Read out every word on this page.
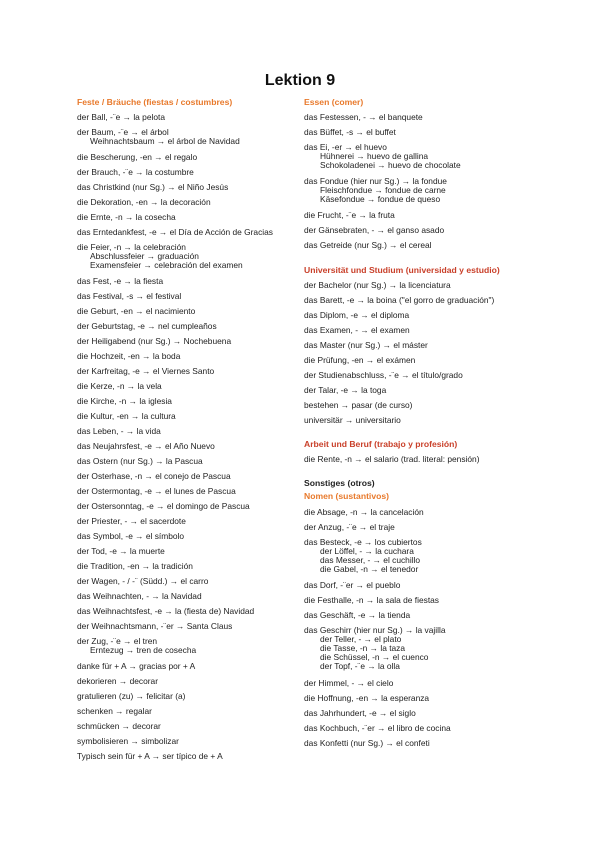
Lektion 9
Feste / Bräuche (fiestas / costumbres)
der Ball, -¨e → la pelota
der Baum, -¨e → el árbol
Weihnachtsbaum → el árbol de Navidad
die Bescherung, -en → el regalo
der Brauch, -¨e → la costumbre
das Christkind (nur Sg.) → el Niño Jesús
die Dekoration, -en → la decoración
die Ernte, -n → la cosecha
das Erntedankfest, -e → el Día de Acción de Gracias
die Feier, -n → la celebración
Abschlussfeier → graduación
Examensfeier → celebración del examen
das Fest, -e → la fiesta
das Festival, -s → el festival
die Geburt, -en → el nacimiento
der Geburtstag, -e → nel cumpleaños
der Heiligabend (nur Sg.) → Nochebuena
die Hochzeit, -en → la boda
der Karfreitag, -e → el Viernes Santo
die Kerze, -n → la vela
die Kirche, -n → la iglesia
die Kultur, -en → la cultura
das Leben, - → la vida
das Neujahrsfest, -e → el Año Nuevo
das Ostern (nur Sg.) → la Pascua
der Osterhase, -n → el conejo de Pascua
der Ostermontag, -e → el lunes de Pascua
der Ostersonntag, -e → el domingo de Pascua
der Priester, - → el sacerdote
das Symbol, -e → el símbolo
der Tod, -e → la muerte
die Tradition, -en → la tradición
der Wagen, - / -¨ (Südd.) → el carro
das Weihnachten, - → la Navidad
das Weihnachtsfest, -e → la (fiesta de) Navidad
der Weihnachtsmann, -¨er → Santa Claus
der Zug, -¨e → el tren
Erntezug → tren de cosecha
danke für + A → gracias por + A
dekorieren → decorar
gratulieren (zu) → felicitar (a)
schenken → regalar
schmücken → decorar
symbolisieren → simbolizar
Typisch sein für + A → ser típico de + A
Essen (comer)
das Festessen, - → el banquete
das Büffet, -s → el buffet
das Ei, -er → el huevo
Hühnerei → huevo de gallina
Schokoladenei → huevo de chocolate
das Fondue (hier nur Sg.) → la fondue
Fleischfondue → fondue de carne
Käsefondue → fondue de queso
die Frucht, -¨e → la fruta
der Gänsebraten, - → el ganso asado
das Getreide (nur Sg.) → el cereal
Universität und Studium (universidad y estudio)
der Bachelor (nur Sg.) → la licenciatura
das Barett, -e → la boina ("el gorro de graduación")
das Diplom, -e → el diploma
das Examen, - → el examen
das Master (nur Sg.) → el máster
die Prüfung, -en → el exámen
der Studienabschluss, -¨e → el título/grado
der Talar, -e → la toga
bestehen → pasar (de curso)
universitär → universitario
Arbeit und Beruf (trabajo y profesión)
die Rente, -n → el salario (trad. literal: pensión)
Sonstiges (otros)
Nomen (sustantivos)
die Absage, -n → la cancelación
der Anzug, -¨e → el traje
das Besteck, -e → los cubiertos
der Löffel, - → la cuchara
das Messer, - → el cuchillo
die Gabel, -n → el tenedor
das Dorf, -¨er → el pueblo
die Festhalle, -n → la sala de fiestas
das Geschäft, -e → la tienda
das Geschirr (hier nur Sg.) → la vajilla
der Teller, - → el plato
die Tasse, -n → la taza
die Schüssel, -n → el cuenco
der Topf, -¨e → la olla
der Himmel, - → el cielo
die Hoffnung, -en → la esperanza
das Jahrhundert, -e → el siglo
das Kochbuch, -¨er → el libro de cocina
das Konfetti (nur Sg.) → el confeti
